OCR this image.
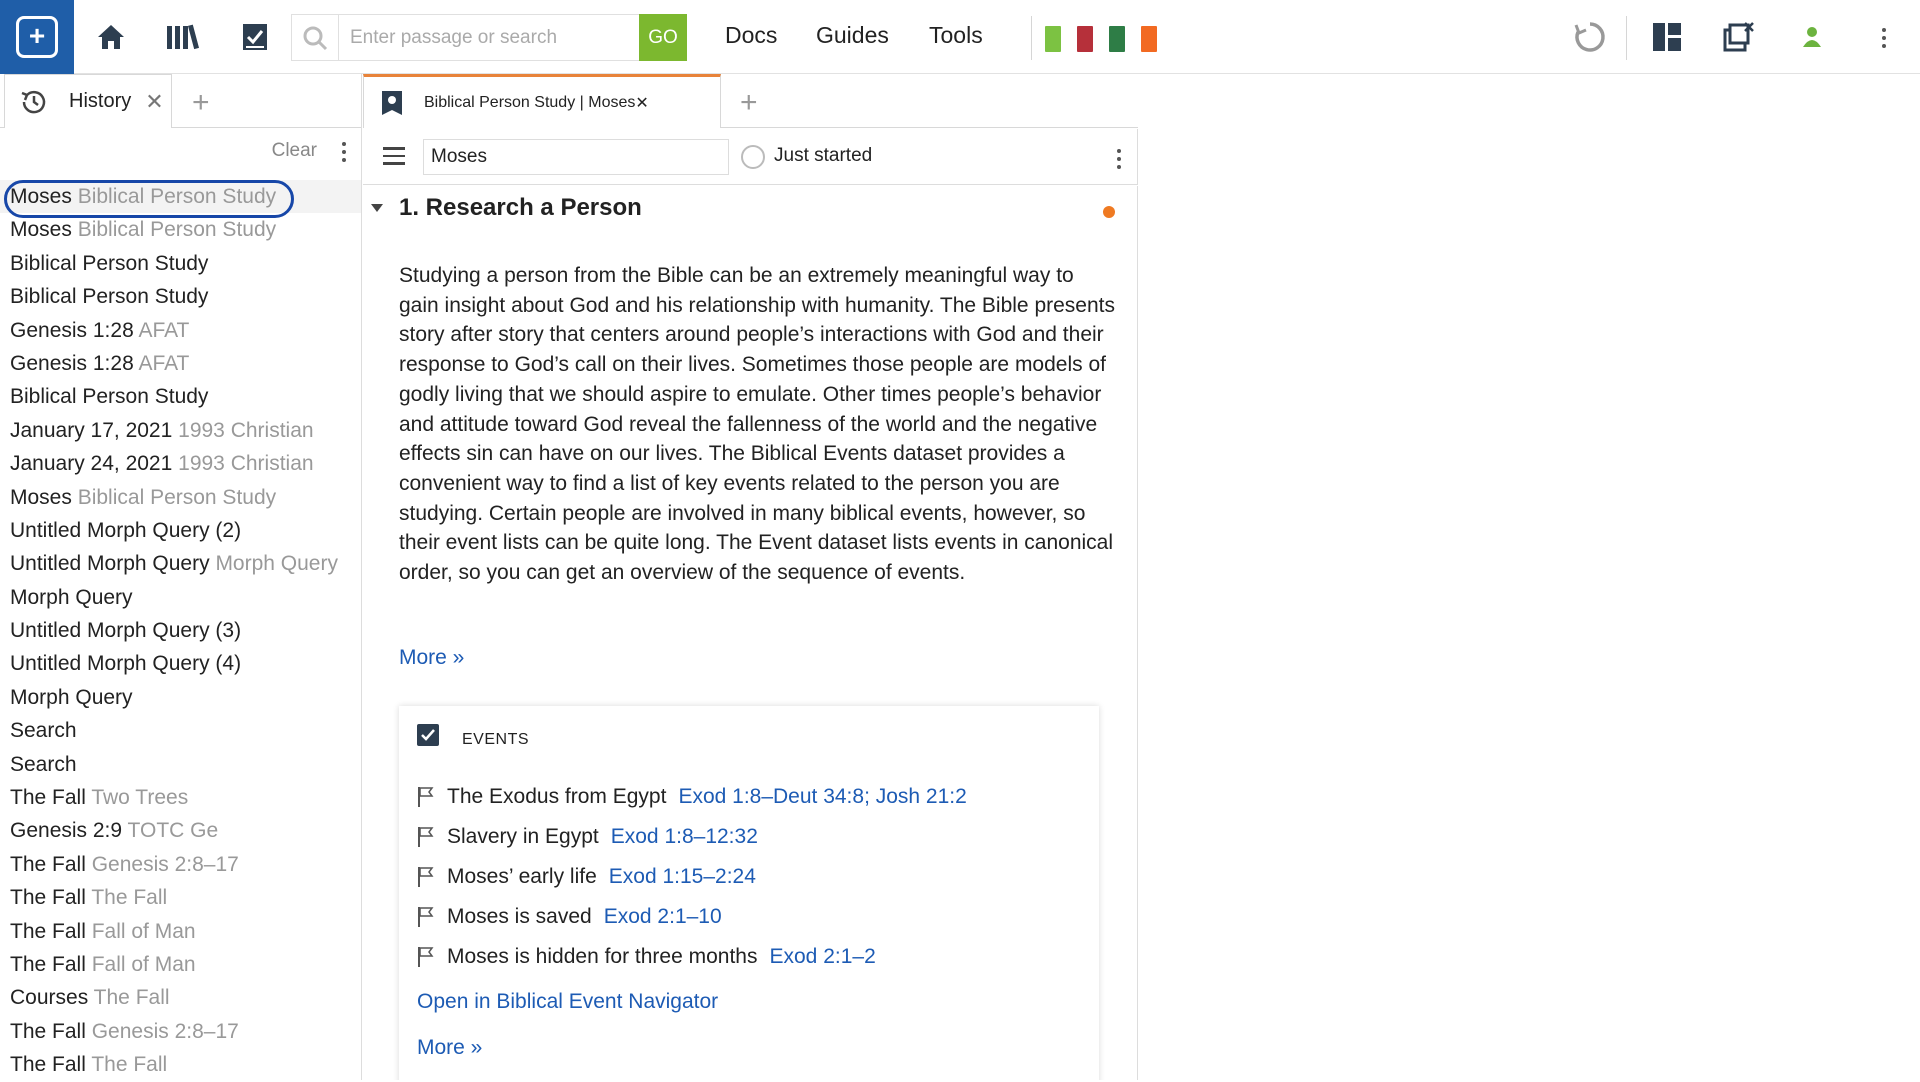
+
Enter passage or search
GO	Docs Guides Tools
History ✕ +
Clear
Moses Biblical Person Study
Moses Biblical Person Study
Biblical Person Study
Biblical Person Study
Genesis 1:28 AFAT
Genesis 1:28 AFAT
Biblical Person Study
January 17, 2021 1993 Christian
January 24, 2021 1993 Christian
Moses Biblical Person Study
Untitled Morph Query (2)
Untitled Morph Query Morph Query
Morph Query
Untitled Morph Query (3)
Untitled Morph Query (4)
Morph Query
Search
Search
The Fall Two Trees
Genesis 2:9 TOTC Ge
The Fall Genesis 2:8–17
The Fall The Fall
The Fall Fall of Man
The Fall Fall of Man
Courses The Fall
The Fall Genesis 2:8–17
The Fall The Fall
Biblical Person Study | Moses ✕	+
Moses
Just started
1. Research a Person
Studying a person from the Bible can be an extremely meaningful way to gain insight about God and his relationship with humanity. The Bible presents story after story that centers around people’s interactions with God and their response to God’s call on their lives. Sometimes those people are models of godly living that we should aspire to emulate. Other times people’s behavior and attitude toward God reveal the fallenness of the world and the negative effects sin can have on our lives. The Biblical Events dataset provides a convenient way to find a list of key events related to the person you are studying. Certain people are involved in many biblical events, however, so their event lists can be quite long. The Event dataset lists events in canonical order, so you can get an overview of the sequence of events.
More »
EVENTS
The Exodus from Egypt Exod 1:8–Deut 34:8; Josh 21:2
Slavery in Egypt Exod 1:8–12:32
Moses’ early life Exod 1:15–2:24
Moses is saved Exod 2:1–10
Moses is hidden for three months Exod 2:1–2
Open in Biblical Event Navigator
More »
